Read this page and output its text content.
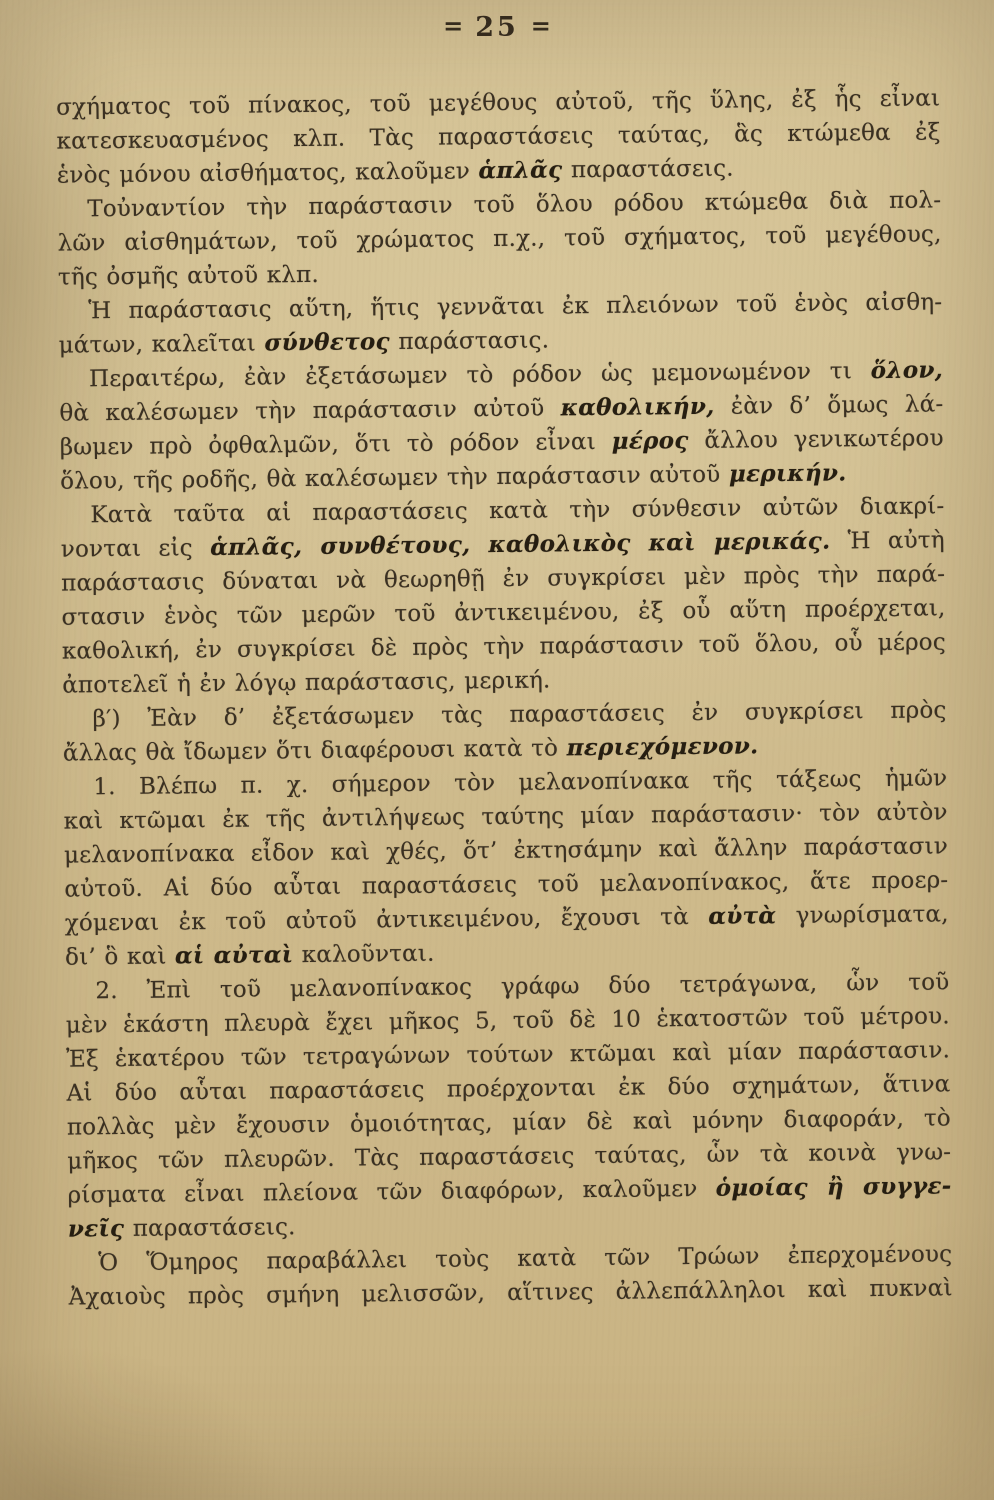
= 25 =
σχήματος τοῦ πίνακος, τοῦ μεγέθους αὐτοῦ, τῆς ὕλης, ἐξ ἧς εἶναι
κατεσκευασμένος κλπ. Τὰς παραστάσεις ταύτας, ἃς κτώμεθα ἐξ
ἑνὸς μόνου αἰσθήματος, καλοῦμεν ἁπλᾶς παραστάσεις.
Τοὐναντίον τὴν παράστασιν τοῦ ὅλου ρόδου κτώμεθα διὰ πολ-
λῶν αἰσθημάτων, τοῦ χρώματος π.χ., τοῦ σχήματος, τοῦ μεγέθους,
τῆς ὀσμῆς αὐτοῦ κλπ.
Ἡ παράστασις αὕτη, ἥτις γεννᾶται ἐκ πλειόνων τοῦ ἑνὸς αἰσθη-
μάτων, καλεῖται σύνθετος παράστασις.
Περαιτέρω, ἐὰν ἐξετάσωμεν τὸ ρόδον ὡς μεμονωμένον τι ὅλον,
θὰ καλέσωμεν τὴν παράστασιν αὐτοῦ καθολικήν, ἐὰν δ’ ὅμως λά-
βωμεν πρὸ ὀφθαλμῶν, ὅτι τὸ ρόδον εἶναι μέρος ἄλλου γενικωτέρου
ὅλου, τῆς ροδῆς, θὰ καλέσωμεν τὴν παράστασιν αὐτοῦ μερικήν.
Κατὰ ταῦτα αἱ παραστάσεις κατὰ τὴν σύνθεσιν αὐτῶν διακρί-
νονται εἰς ἁπλᾶς, συνθέτους, καθολικὸς καὶ μερικάς. Ἡ αὐτὴ
παράστασις δύναται νὰ θεωρηθῇ ἐν συγκρίσει μὲν πρὸς τὴν παρά-
στασιν ἑνὸς τῶν μερῶν τοῦ ἀντικειμένου, ἐξ οὗ αὕτη προέρχεται,
καθολική, ἐν συγκρίσει δὲ πρὸς τὴν παράστασιν τοῦ ὅλου, οὗ μέρος
ἀποτελεῖ ἡ ἐν λόγῳ παράστασις, μερική.
β′) Ἐὰν δ’ ἐξετάσωμεν τὰς παραστάσεις ἐν συγκρίσει πρὸς
ἄλλας θὰ ἴδωμεν ὅτι διαφέρουσι κατὰ τὸ περιεχόμενον.
1. Βλέπω π. χ. σήμερον τὸν μελανοπίνακα τῆς τάξεως ἡμῶν
καὶ κτῶμαι ἐκ τῆς ἀντιλήψεως ταύτης μίαν παράστασιν· τὸν αὐτὸν
μελανοπίνακα εἶδον καὶ χθές, ὅτ’ ἐκτησάμην καὶ ἄλλην παράστασιν
αὐτοῦ. Αἱ δύο αὗται παραστάσεις τοῦ μελανοπίνακος, ἅτε προερ-
χόμεναι ἐκ τοῦ αὐτοῦ ἀντικειμένου, ἔχουσι τὰ αὐτὰ γνωρίσματα,
δι’ ὃ καὶ αἱ αὐταὶ καλοῦνται.
2. Ἐπὶ τοῦ μελανοπίνακος γράφω δύο τετράγωνα, ὧν τοῦ
μὲν ἑκάστη πλευρὰ ἔχει μῆκος 5, τοῦ δὲ 10 ἑκατοστῶν τοῦ μέτρου.
Ἐξ ἑκατέρου τῶν τετραγώνων τούτων κτῶμαι καὶ μίαν παράστασιν.
Αἱ δύο αὗται παραστάσεις προέρχονται ἐκ δύο σχημάτων, ἅτινα
πολλὰς μὲν ἔχουσιν ὁμοιότητας, μίαν δὲ καὶ μόνην διαφοράν, τὸ
μῆκος τῶν πλευρῶν. Τὰς παραστάσεις ταύτας, ὧν τὰ κοινὰ γνω-
ρίσματα εἶναι πλείονα τῶν διαφόρων, καλοῦμεν ὁμοίας ἢ συγγε-
νεῖς παραστάσεις.
Ὁ Ὅμηρος παραβάλλει τοὺς κατὰ τῶν Τρώων ἐπερχομένους
Ἀχαιοὺς πρὸς σμήνη μελισσῶν, αἵτινες ἀλλεπάλληλοι καὶ πυκναὶ
